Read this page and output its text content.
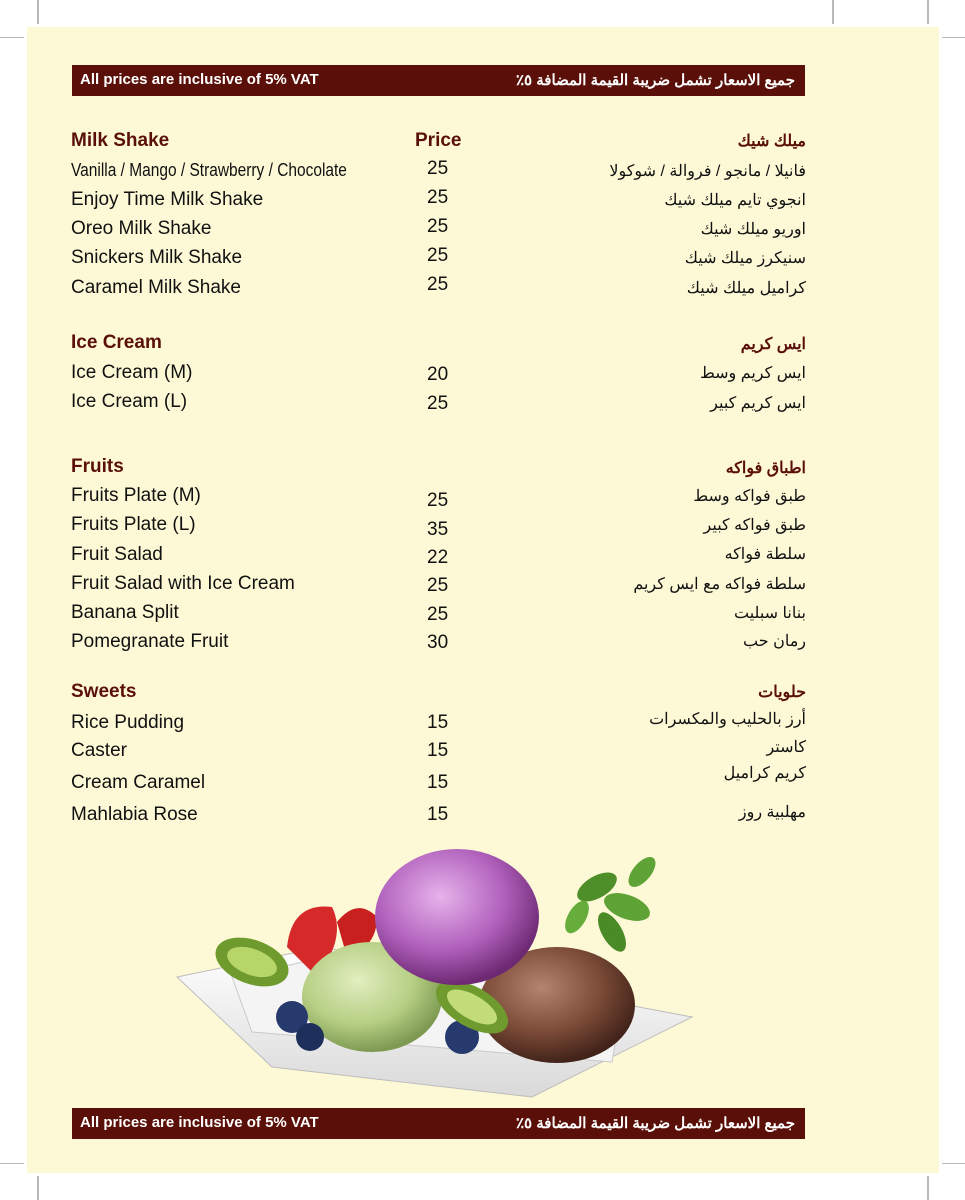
All prices are inclusive of 5% VAT	جميع الاسعار تشمل ضريبة القيمة المضافة ٥٪
Milk Shake	Price	ميلك شيك
Vanilla / Mango / Strawberry / Chocolate	25	فانيلا / مانجو / فروالة / شوكولا
Enjoy Time Milk Shake	25	انجوي تايم ميلك شيك
Oreo Milk Shake	25	اوريو ميلك شيك
Snickers Milk Shake	25	سنيكرز ميلك شيك
Caramel Milk Shake	25	كراميل ميلك شيك
Ice Cream	ايس كريم
Ice Cream (M)	20	ايس كريم وسط
Ice Cream (L)	25	ايس كريم كبير
Fruits	اطباق فواكه
Fruits Plate (M)	25	طبق فواكه وسط
Fruits Plate (L)	35	طبق فواكه كبير
Fruit Salad	22	سلطة فواكه
Fruit Salad with Ice Cream	25	سلطة فواكه مع ايس كريم
Banana Split	25	بنانا سبليت
Pomegranate Fruit	30	رمان حب
Sweets	حلويات
Rice Pudding	15	أرز بالحليب والمكسرات
Caster	15	كاستر
Cream Caramel	15	كريم كراميل
Mahlabia Rose	15	مهلبية روز
All prices are inclusive of 5% VAT	جميع الاسعار تشمل ضريبة القيمة المضافة ٥٪
